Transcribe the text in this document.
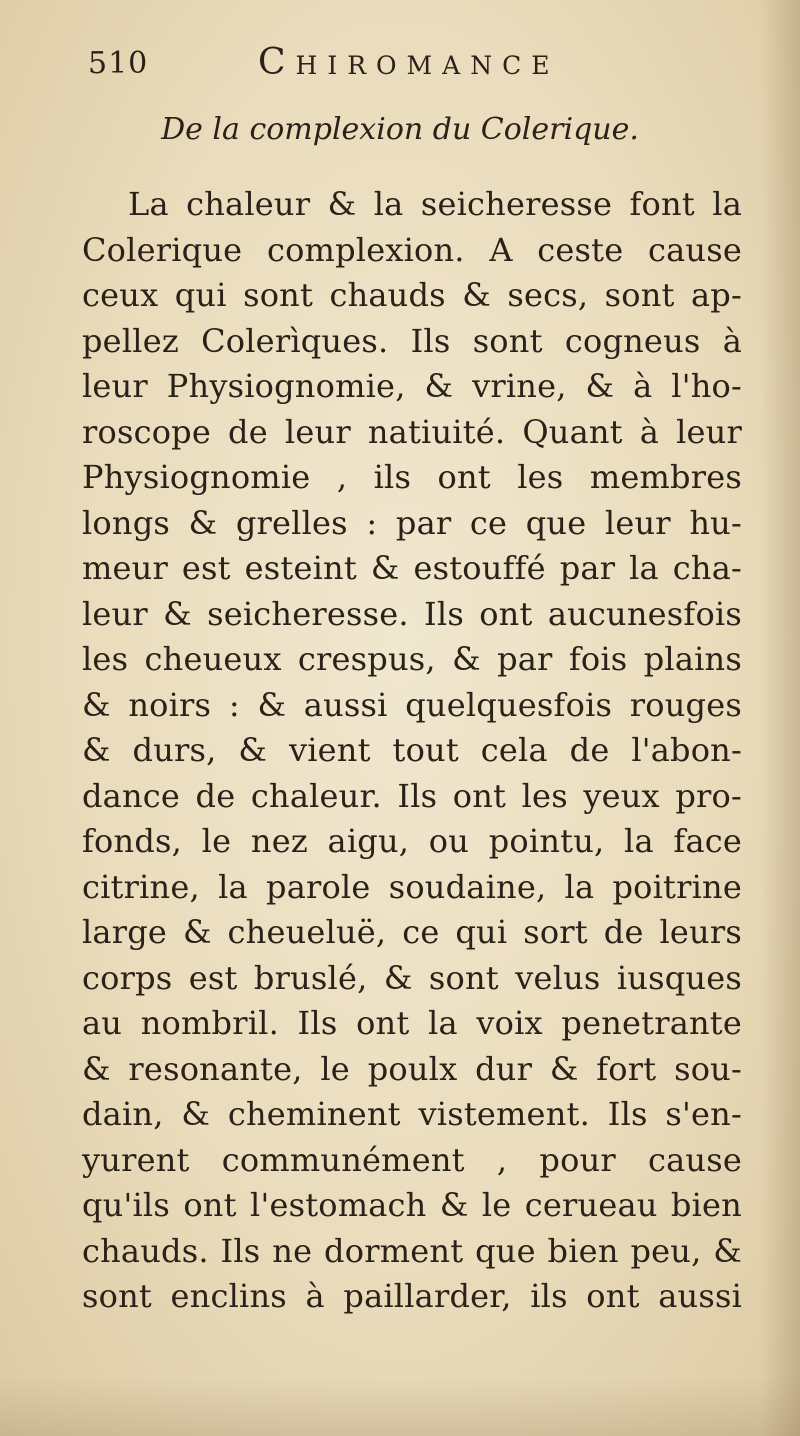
510	Chiromance
De la complexion du Colerique.
La chaleur & la seicheresse font la
Colerique complexion. A ceste cause
ceux qui sont chauds & secs, sont ap-
pellez Colerìques. Ils sont cogneus à
leur Physiognomie, & vrine, & à l'ho-
roscope de leur natiuité. Quant à leur
Physiognomie , ils ont les membres
longs & grelles : par ce que leur hu-
meur est esteint & estouffé par la cha-
leur & seicheresse. Ils ont aucunesfois
les cheueux crespus, & par fois plains
& noirs : & aussi quelquesfois rouges
& durs, & vient tout cela de l'abon-
dance de chaleur. Ils ont les yeux pro-
fonds, le nez aigu, ou pointu, la face
citrine, la parole soudaine, la poitrine
large & cheueluë, ce qui sort de leurs
corps est bruslé, & sont velus iusques
au nombril. Ils ont la voix penetrante
& resonante, le poulx dur & fort sou-
dain, & cheminent vistement. Ils s'en-
yurent communément , pour cause
qu'ils ont l'estomach & le cerueau bien
chauds. Ils ne dorment que bien peu, &
sont enclins à paillarder, ils ont aussi
